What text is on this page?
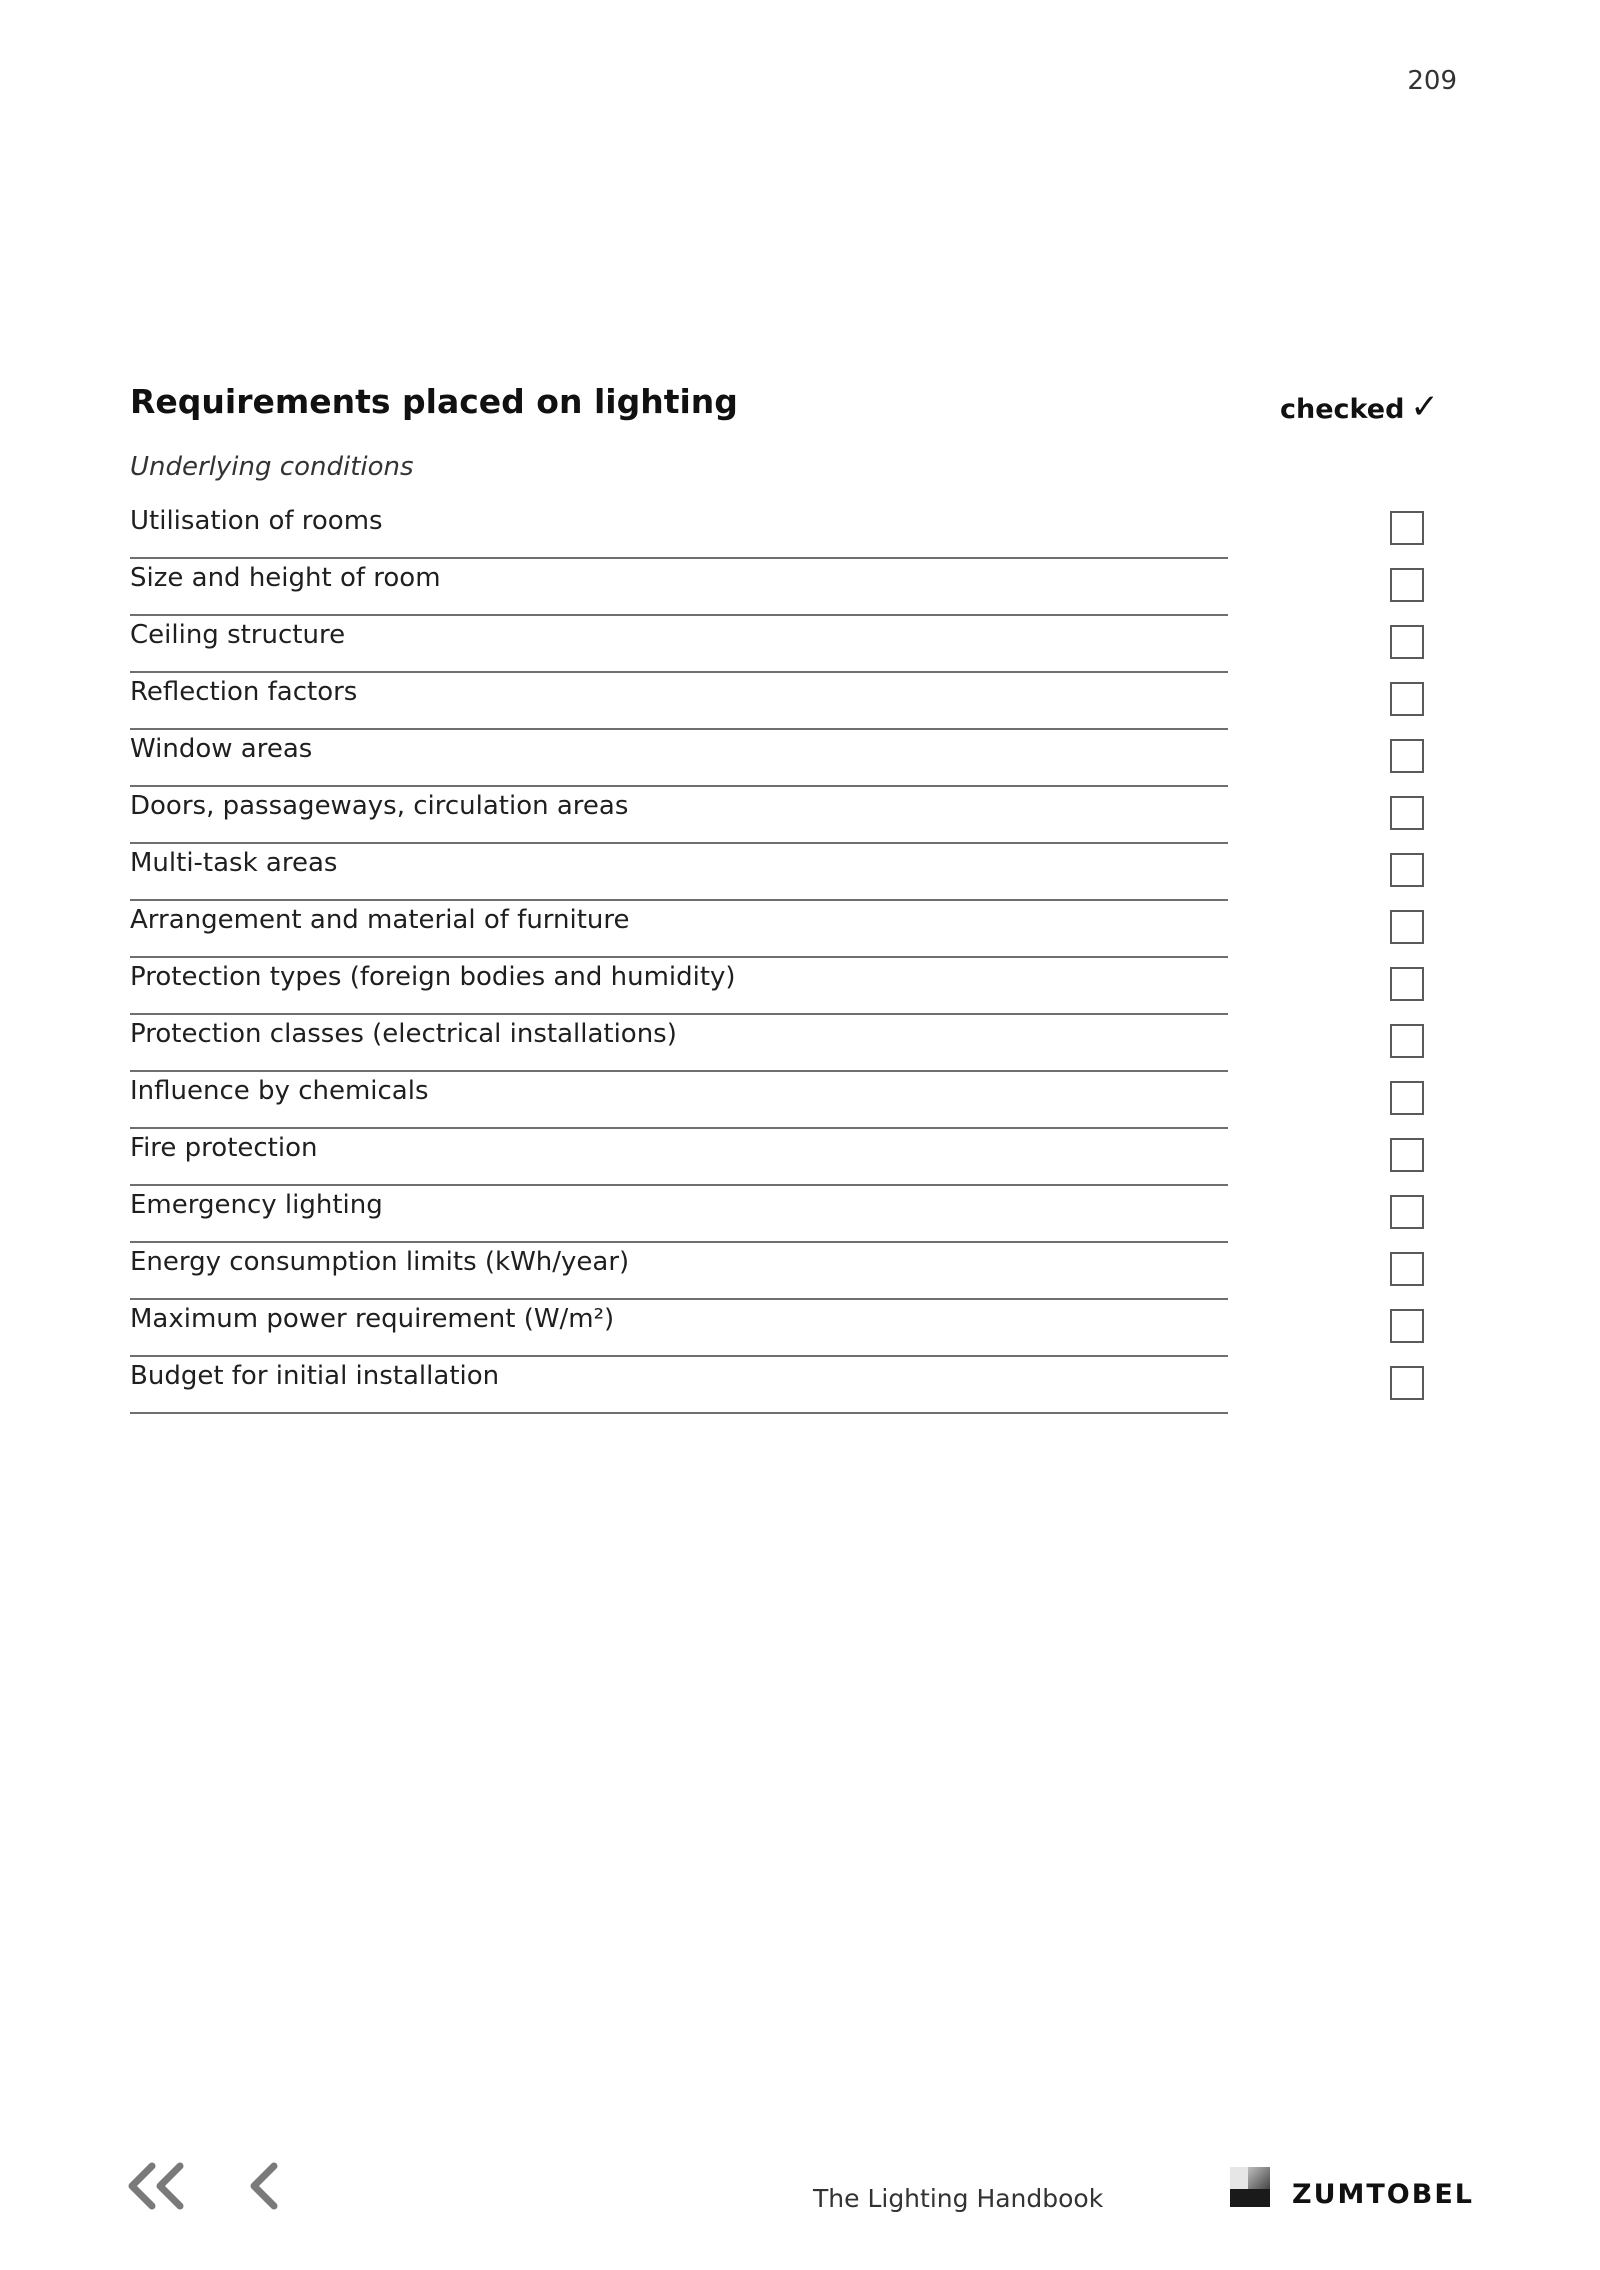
209
Requirements placed on lighting	checked ✓
Underlying conditions
Utilisation of rooms
Size and height of room
Ceiling structure
Reflection factors
Window areas
Doors, passageways, circulation areas
Multi-task areas
Arrangement and material of furniture
Protection types (foreign bodies and humidity)
Protection classes (electrical installations)
Influence by chemicals
Fire protection
Emergency lighting
Energy consumption limits (kWh/year)
Maximum power requirement (W/m²)
Budget for initial installation
The Lighting Handbook	ZUMTOBEL
